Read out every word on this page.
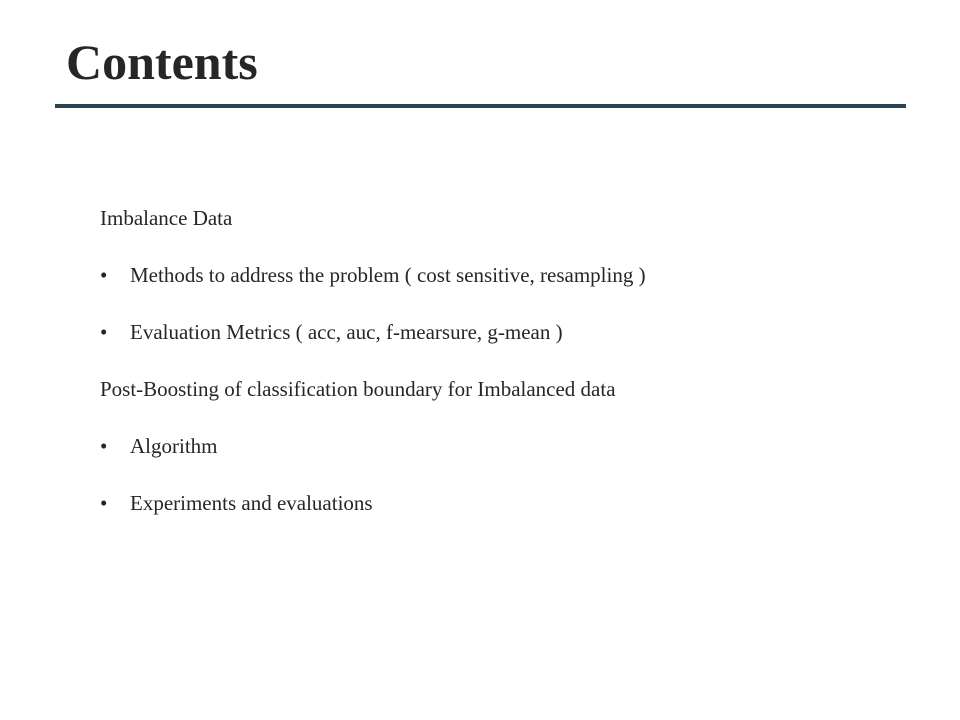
Contents
Imbalance Data
• Methods to address the problem ( cost sensitive, resampling )
• Evaluation Metrics ( acc, auc, f-mearsure, g-mean )
Post-Boosting of classification boundary for Imbalanced data
• Algorithm
• Experiments and evaluations
